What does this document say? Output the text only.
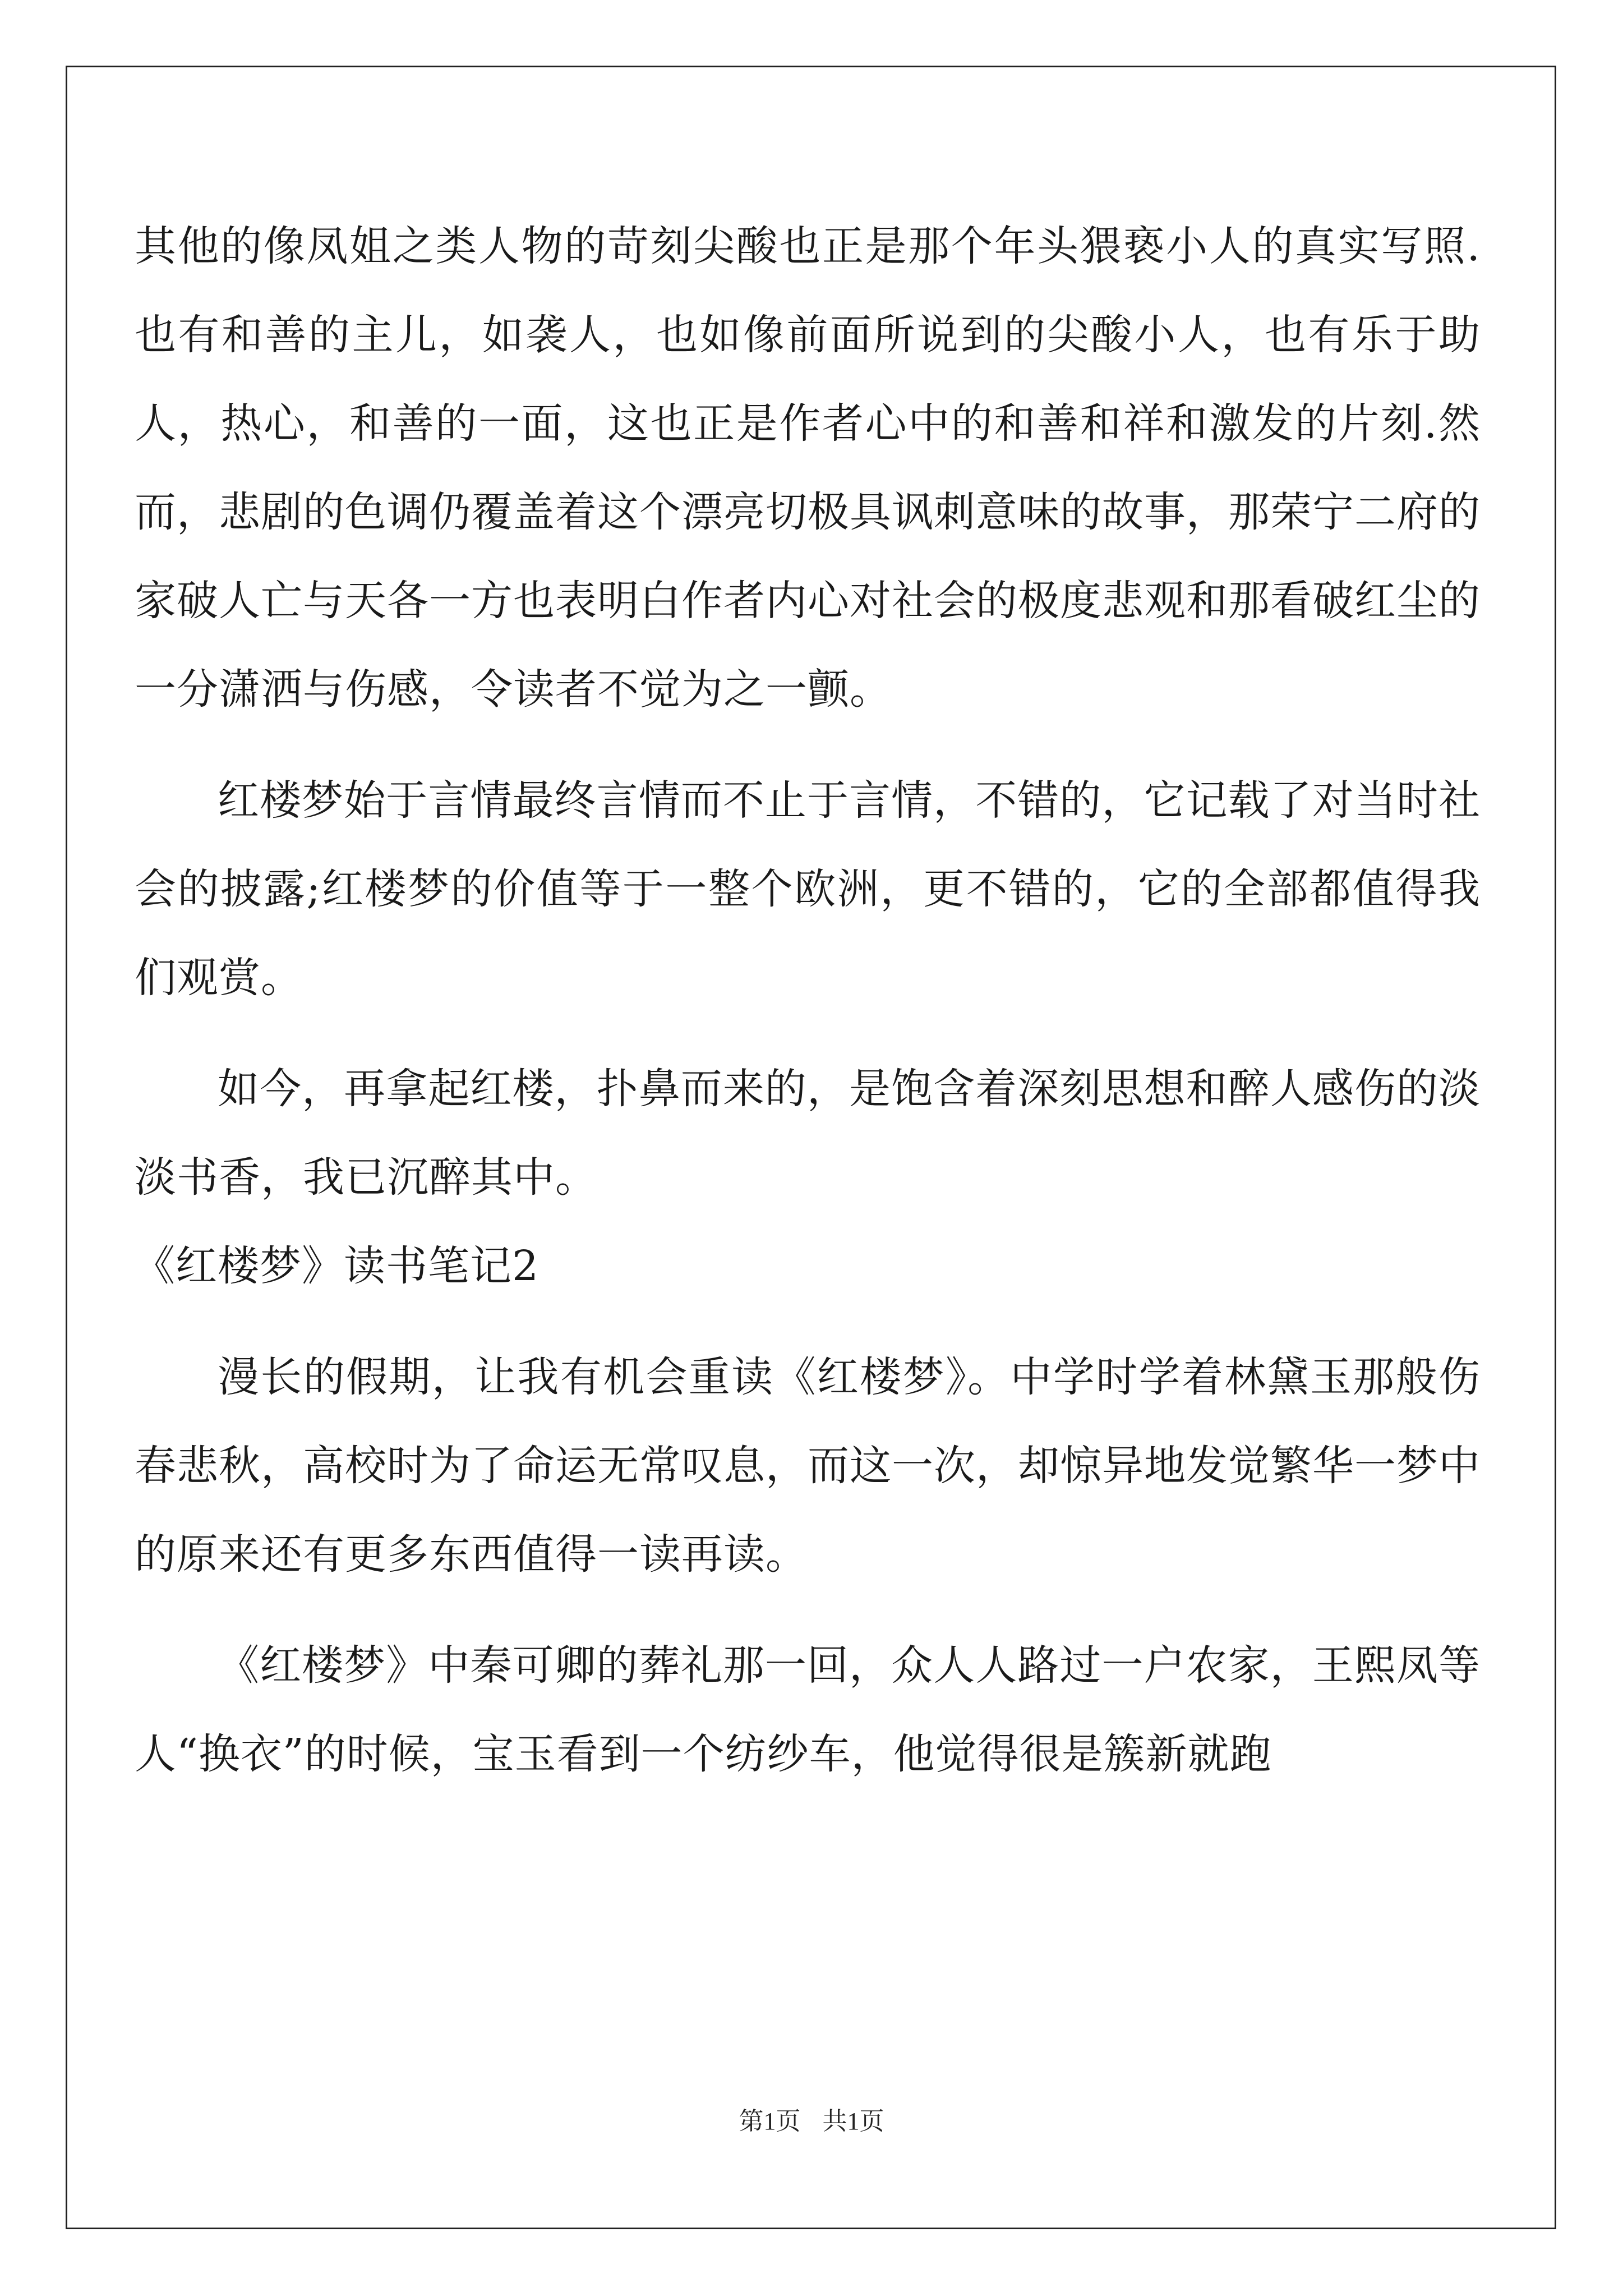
其他的像凤姐之类人物的苛刻尖酸也正是那个年头猥亵小人的真实写照.也有和善的主儿，如袭人，也如像前面所说到的尖酸小人，也有乐于助人，热心，和善的一面，这也正是作者心中的和善和祥和激发的片刻.然而，悲剧的色调仍覆盖着这个漂亮切极具讽刺意味的故事，那荣宁二府的家破人亡与天各一方也表明白作者内心对社会的极度悲观和那看破红尘的一分潇洒与伤感，令读者不觉为之一颤。

红楼梦始于言情最终言情而不止于言情，不错的，它记载了对当时社会的披露;红楼梦的价值等于一整个欧洲，更不错的，它的全部都值得我们观赏。

如今，再拿起红楼，扑鼻而来的，是饱含着深刻思想和醉人感伤的淡淡书香，我已沉醉其中。

《红楼梦》读书笔记2

漫长的假期，让我有机会重读《红楼梦》。中学时学着林黛玉那般伤春悲秋，高校时为了命运无常叹息，而这一次，却惊异地发觉繁华一梦中的原来还有更多东西值得一读再读。

《红楼梦》中秦可卿的葬礼那一回，众人人路过一户农家，王熙凤等人“换衣”的时候，宝玉看到一个纺纱车，他觉得很是簇新就跑

第1页 共1页
